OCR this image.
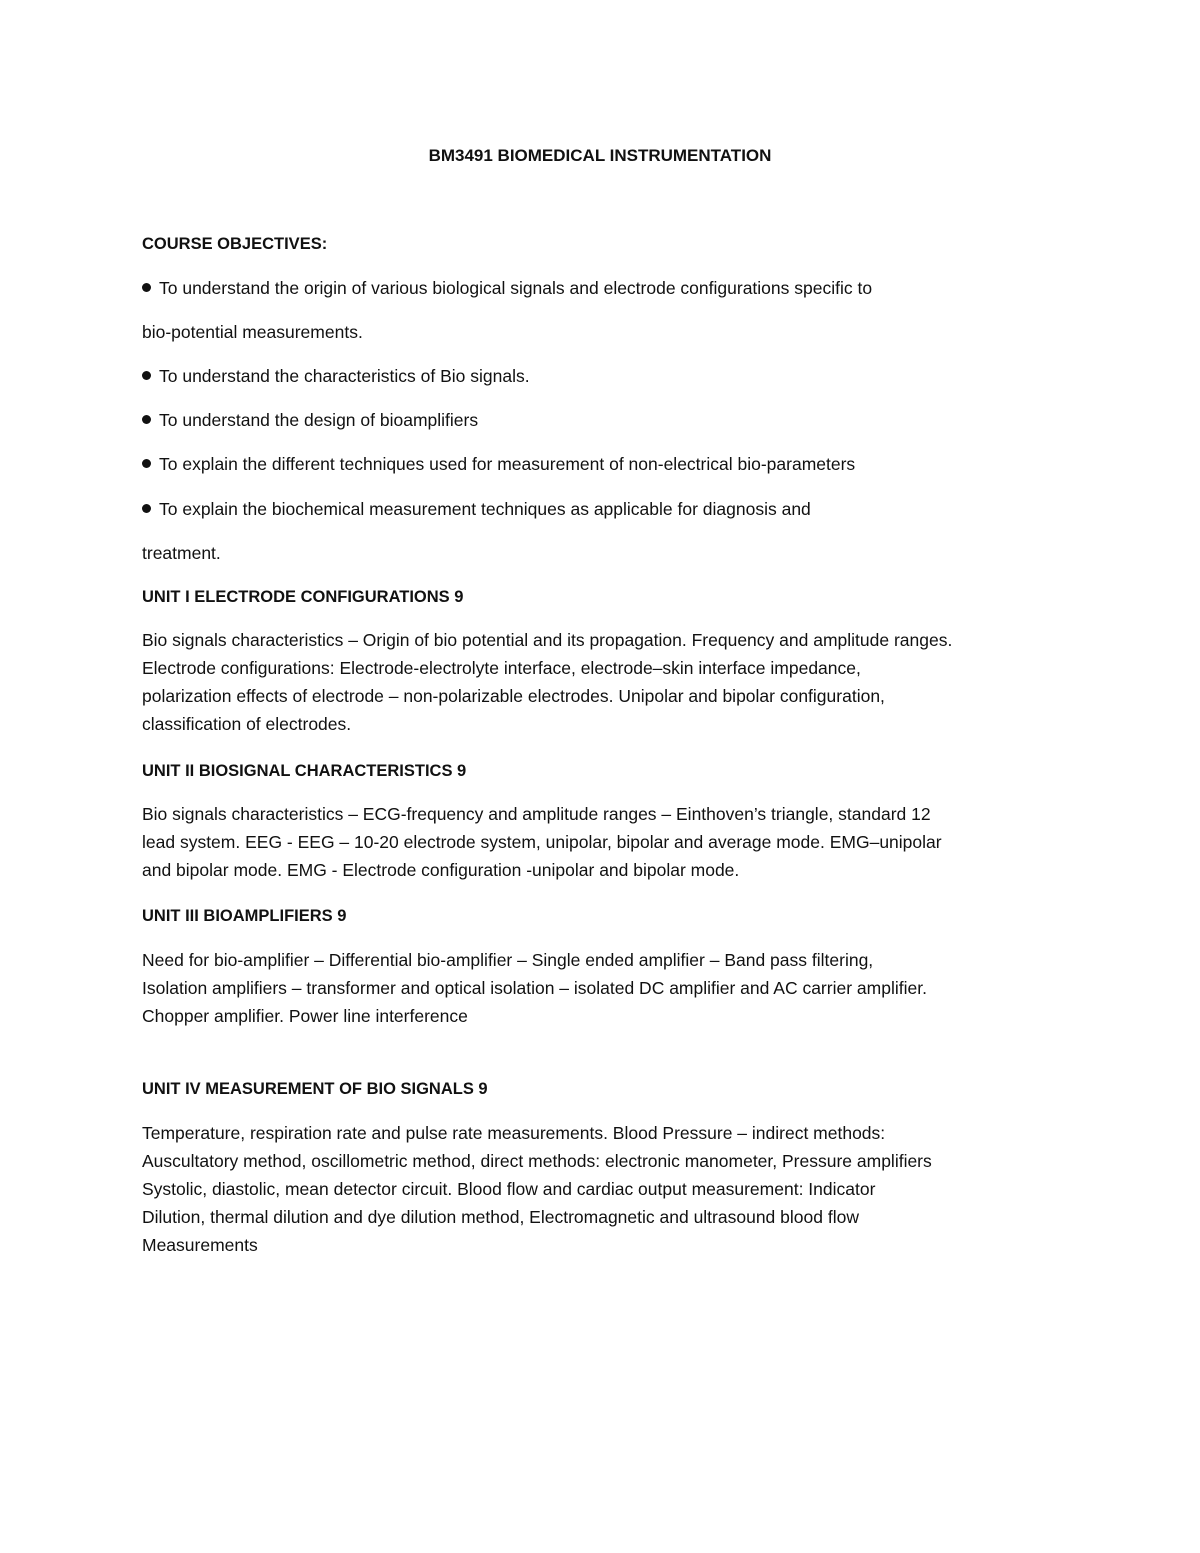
BM3491 BIOMEDICAL INSTRUMENTATION
COURSE OBJECTIVES:
To understand the origin of various biological signals and electrode configurations specific to
bio-potential measurements.
To understand the characteristics of Bio signals.
To understand the design of bioamplifiers
To explain the different techniques used for measurement of non-electrical bio-parameters
To explain the biochemical measurement techniques as applicable for diagnosis and
treatment.
UNIT I ELECTRODE CONFIGURATIONS 9
Bio signals characteristics – Origin of bio potential and its propagation. Frequency and amplitude ranges.
Electrode configurations: Electrode-electrolyte interface, electrode–skin interface impedance,
polarization effects of electrode – non-polarizable electrodes. Unipolar and bipolar configuration,
classification of electrodes.
UNIT II BIOSIGNAL CHARACTERISTICS 9
Bio signals characteristics – ECG-frequency and amplitude ranges – Einthoven’s triangle, standard 12
lead system. EEG - EEG – 10-20 electrode system, unipolar, bipolar and average mode. EMG–unipolar
and bipolar mode. EMG - Electrode configuration -unipolar and bipolar mode.
UNIT III BIOAMPLIFIERS 9
Need for bio-amplifier – Differential bio-amplifier – Single ended amplifier – Band pass filtering,
Isolation amplifiers – transformer and optical isolation – isolated DC amplifier and AC carrier amplifier.
Chopper amplifier. Power line interference
UNIT IV MEASUREMENT OF BIO SIGNALS 9
Temperature, respiration rate and pulse rate measurements. Blood Pressure – indirect methods:
Auscultatory method, oscillometric method, direct methods: electronic manometer, Pressure amplifiers
Systolic, diastolic, mean detector circuit. Blood flow and cardiac output measurement: Indicator
Dilution, thermal dilution and dye dilution method, Electromagnetic and ultrasound blood flow
Measurements
